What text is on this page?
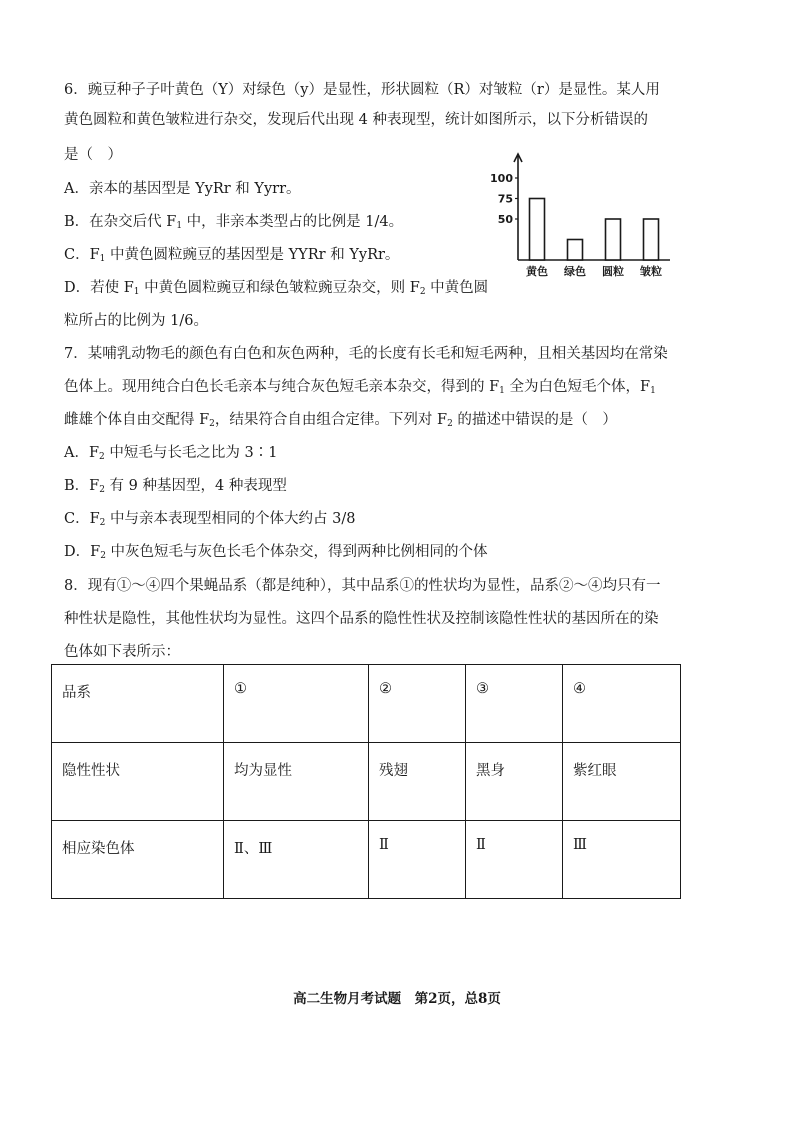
6．豌豆种子子叶黄色（Y）对绿色（y）是显性，形状圆粒（R）对皱粒（r）是显性。某人用
黄色圆粒和黄色皱粒进行杂交，发现后代出现 4 种表现型，统计如图所示，以下分析错误的
是（　）
A．亲本的基因型是 YyRr 和 Yyrr。
B．在杂交后代 $F_1$ 中，非亲本类型占的比例是 1/4。
C．$F_1$ 中黄色圆粒豌豆的基因型是 YYRr 和 YyRr。
D．若使 $F_1$ 中黄色圆粒豌豆和绿色皱粒豌豆杂交，则 $F_2$ 中黄色圆
粒所占的比例为 1/6。
100
75
50
黄色 绿色 圆粒 皱粒
7．某哺乳动物毛的颜色有白色和灰色两种，毛的长度有长毛和短毛两种，且相关基因均在常染
色体上。现用纯合白色长毛亲本与纯合灰色短毛亲本杂交，得到的 $F_1$ 全为白色短毛个体，$F_1$
雌雄个体自由交配得 $F_2$，结果符合自由组合定律。下列对 $F_2$ 的描述中错误的是（　）
A．$F_2$ 中短毛与长毛之比为 3∶1
B．$F_2$ 有 9 种基因型，4 种表现型
C．$F_2$ 中与亲本表现型相同的个体大约占 3/8
D．$F_2$ 中灰色短毛与灰色长毛个体杂交，得到两种比例相同的个体
8．现有①～④四个果蝇品系（都是纯种），其中品系①的性状均为显性，品系②～④均只有一
种性状是隐性，其他性状均为显性。这四个品系的隐性性状及控制该隐性性状的基因所在的染
色体如下表所示：
品系	①	②	③	④
隐性性状	均为显性	残翅	黑身	紫红眼
相应染色体	Ⅱ、Ⅲ	Ⅱ	Ⅱ	Ⅲ
高二生物月考试题　第2页，总8页
